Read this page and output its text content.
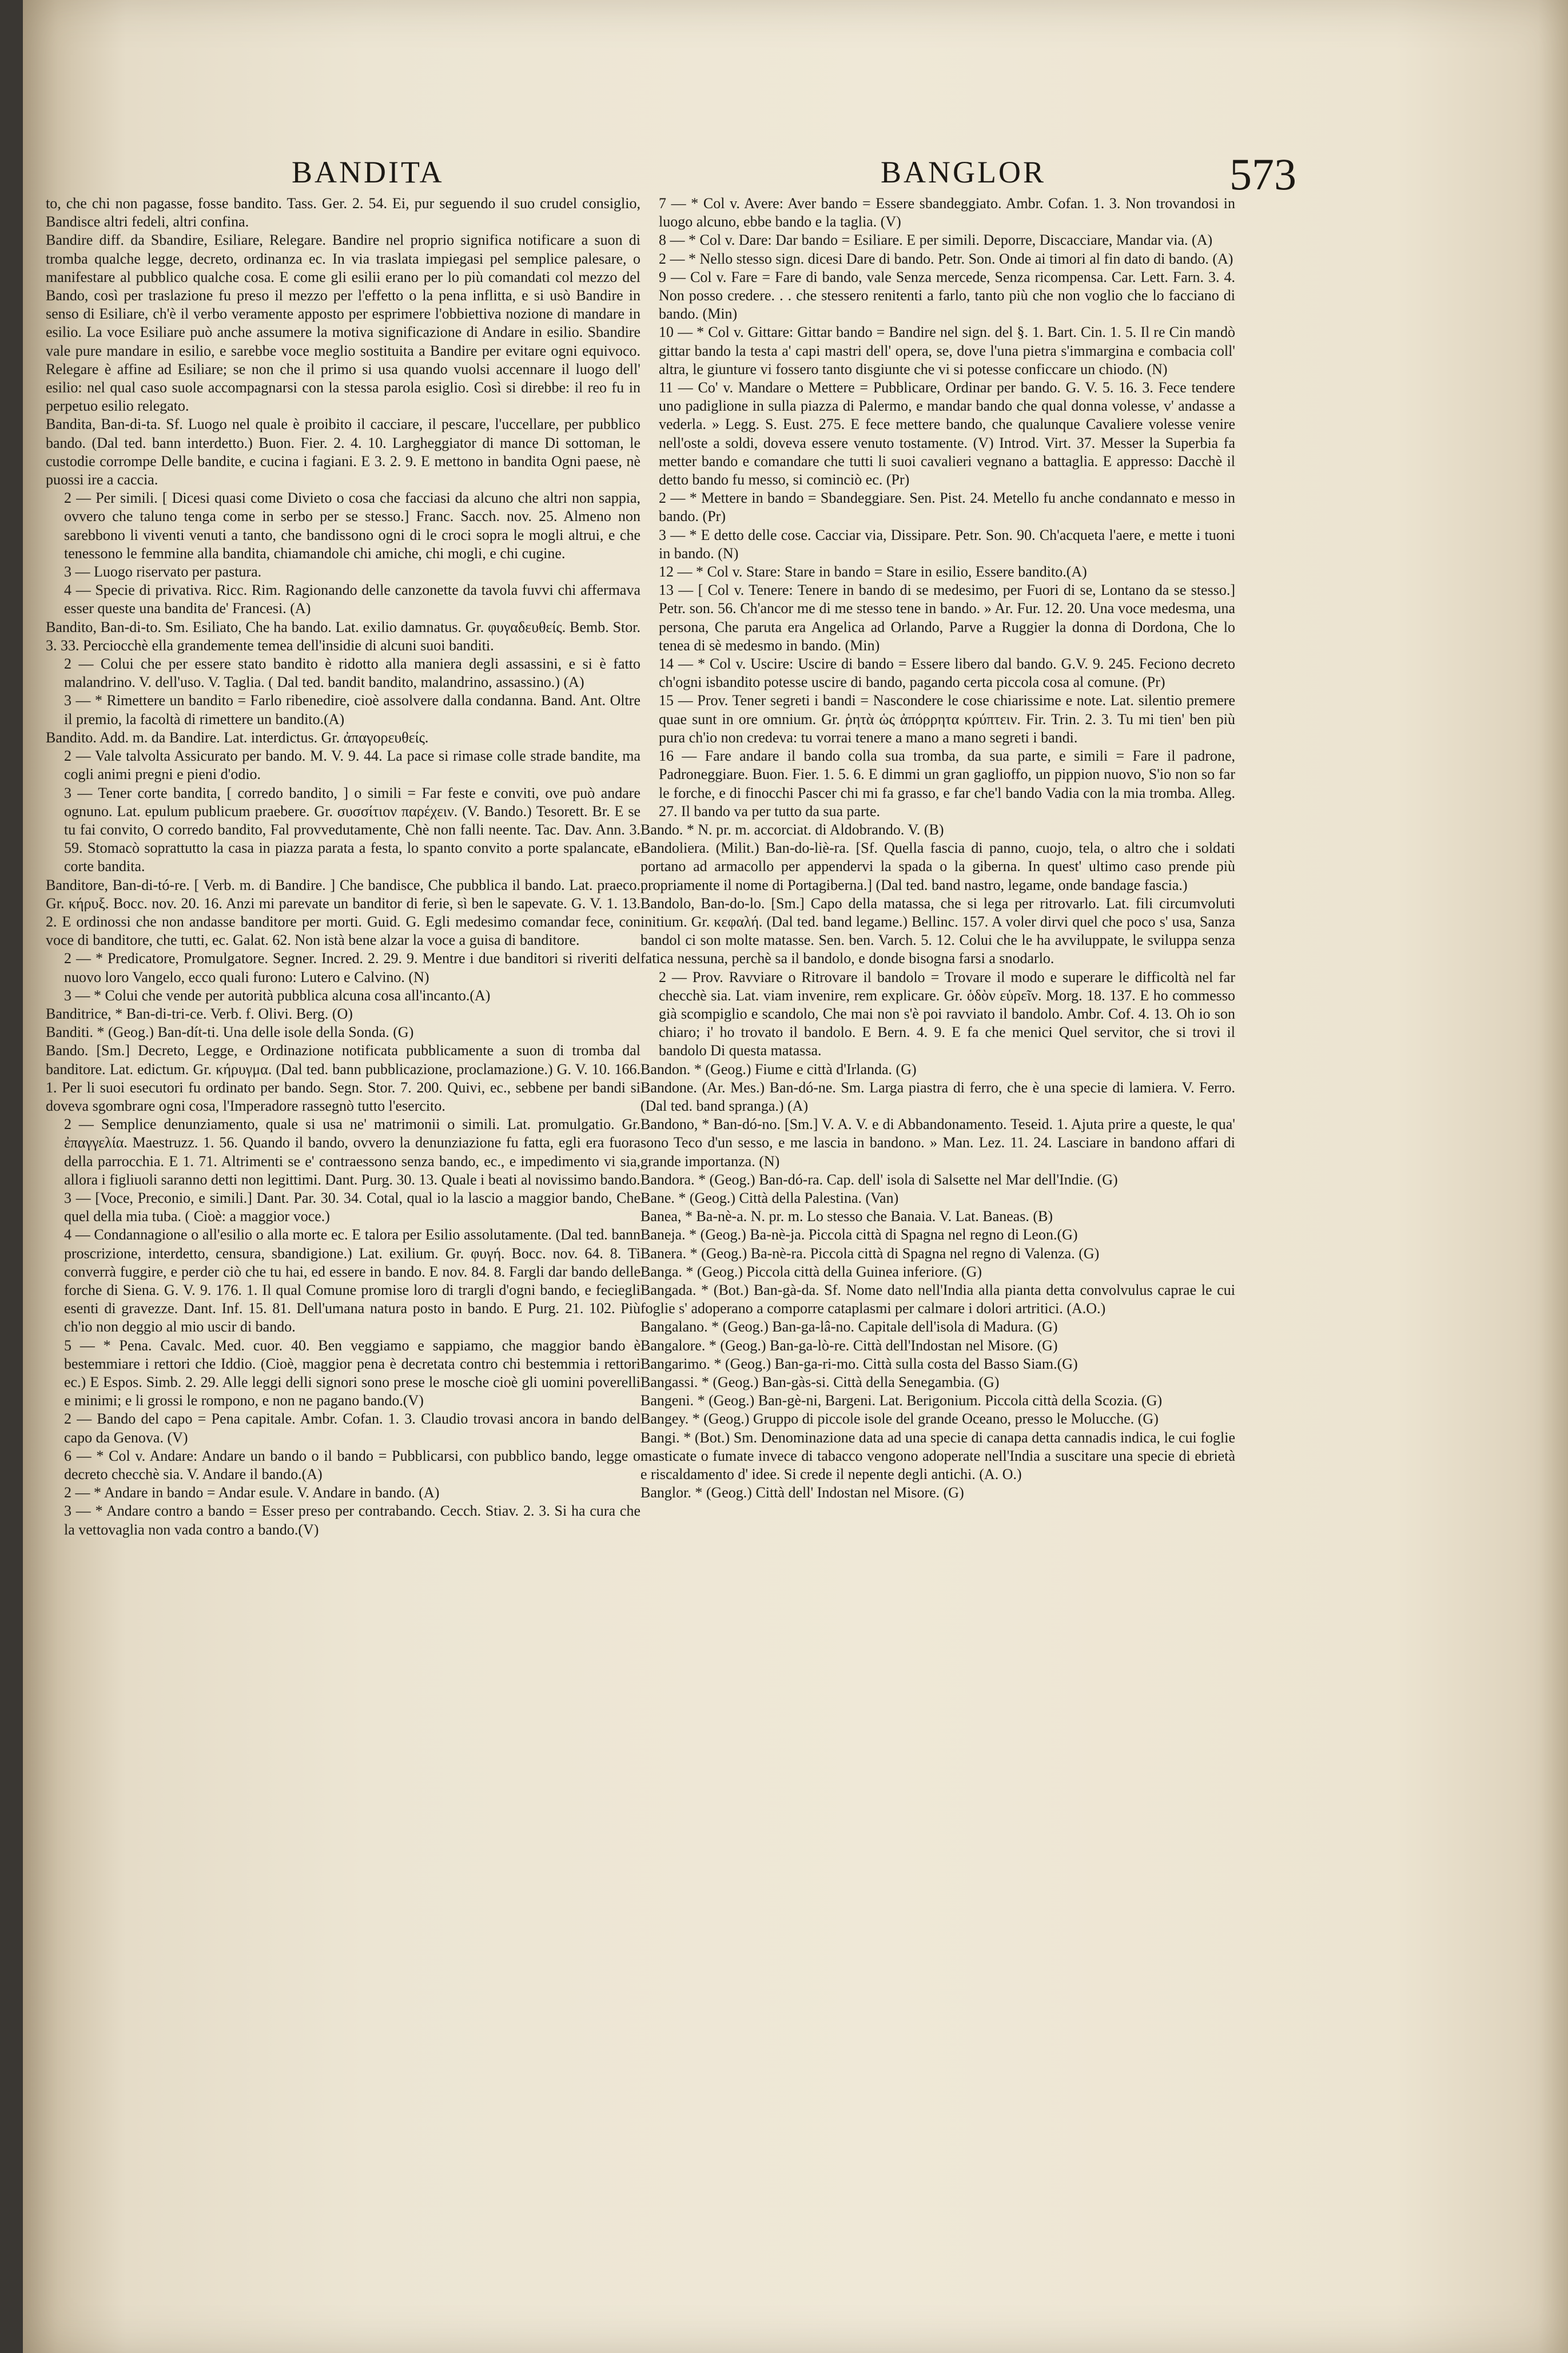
BANDITA	BANGLOR	573

to, che chi non pagasse, fosse bandito. Tass. Ger. 2. 54. Ei, pur seguendo il suo crudel consiglio, Bandisce altri fedeli, altri confina.

Bandire diff. da Sbandire, Esiliare, Relegare. Bandire nel proprio significa notificare a suon di tromba qualche legge, decreto, ordinanza ec. In via traslata impiegasi pel semplice palesare, o manifestare al pubblico qualche cosa. E come gli esilii erano per lo più comandati col mezzo del Bando, così per traslazione fu preso il mezzo per l'effetto o la pena inflitta, e si usò Bandire in senso di Esiliare, ch'è il verbo veramente apposto per esprimere l'obbiettiva nozione di mandare in esilio. La voce Esiliare può anche assumere la motiva significazione di Andare in esilio. Sbandire vale pure mandare in esilio, e sarebbe voce meglio sostituita a Bandire per evitare ogni equivoco. Relegare è affine ad Esiliare; se non che il primo si usa quando vuolsi accennare il luogo dell' esilio: nel qual caso suole accompagnarsi con la stessa parola esiglio. Così si direbbe: il reo fu in perpetuo esilio relegato.

Bandita, Ban-di-ta. Sf. Luogo nel quale è proibito il cacciare, il pescare, l'uccellare, per pubblico bando. (Dal ted. bann interdetto.) Buon. Fier. 2. 4. 10. Largheggiator di mance Di sottoman, le custodie corrompe Delle bandite, e cucina i fagiani. E 3. 2. 9. E mettono in bandita Ogni paese, nè puossi ire a caccia.

2 — Per simili. [ Dicesi quasi come Divieto o cosa che facciasi da alcuno che altri non sappia, ovvero che taluno tenga come in serbo per se stesso.] Franc. Sacch. nov. 25. Almeno non sarebbono li viventi venuti a tanto, che bandissono ogni di le croci sopra le mogli altrui, e che tenessono le femmine alla bandita, chiamandole chi amiche, chi mogli, e chi cugine.

3 — Luogo riservato per pastura.

4 — Specie di privativa. Ricc. Rim. Ragionando delle canzonette da tavola fuvvi chi affermava esser queste una bandita de' Francesi. (A)

Bandito, Ban-di-to. Sm. Esiliato, Che ha bando. Lat. exilio damnatus. Gr. φυγαδευθείς. Bemb. Stor. 3. 33. Perciocchè ella grandemente temea dell'insidie di alcuni suoi banditi.

2 — Colui che per essere stato bandito è ridotto alla maniera degli assassini, e si è fatto malandrino. V. dell'uso. V. Taglia. ( Dal ted. bandit bandito, malandrino, assassino.) (A)

3 — * Rimettere un bandito = Farlo ribenedire, cioè assolvere dalla condanna. Band. Ant. Oltre il premio, la facoltà di rimettere un bandito.(A)

Bandito. Add. m. da Bandire. Lat. interdictus. Gr. ἀπαγορευθείς.

2 — Vale talvolta Assicurato per bando. M. V. 9. 44. La pace si rimase colle strade bandite, ma cogli animi pregni e pieni d'odio.

3 — Tener corte bandita, [ corredo bandito, ] o simili = Far feste e conviti, ove può andare ognuno. Lat. epulum publicum praebere. Gr. συσσίτιον παρέχειν. (V. Bando.) Tesorett. Br. E se tu fai convito, O corredo bandito, Fal provvedutamente, Chè non falli neente. Tac. Dav. Ann. 3. 59. Stomacò soprattutto la casa in piazza parata a festa, lo spanto convito a porte spalancate, e corte bandita.

Banditore, Ban-di-tó-re. [ Verb. m. di Bandire. ] Che bandisce, Che pubblica il bando. Lat. praeco. Gr. κήρυξ. Bocc. nov. 20. 16. Anzi mi parevate un banditor di ferie, sì ben le sapevate. G. V. 1. 13. 2. E ordinossi che non andasse banditore per morti. Guid. G. Egli medesimo comandar fece, con voce di banditore, che tutti, ec. Galat. 62. Non istà bene alzar la voce a guisa di banditore.

2 — * Predicatore, Promulgatore. Segner. Incred. 2. 29. 9. Mentre i due banditori si riveriti del nuovo loro Vangelo, ecco quali furono: Lutero e Calvino. (N)

3 — * Colui che vende per autorità pubblica alcuna cosa all'incanto.(A)

Banditrice, * Ban-di-tri-ce. Verb. f. Olivi. Berg. (O)

Banditi. * (Geog.) Ban-dít-ti. Una delle isole della Sonda. (G)

Bando. [Sm.] Decreto, Legge, e Ordinazione notificata pubblicamente a suon di tromba dal banditore. Lat. edictum. Gr. κήρυγμα. (Dal ted. bann pubblicazione, proclamazione.) G. V. 10. 166. 1. Per li suoi esecutori fu ordinato per bando. Segn. Stor. 7. 200. Quivi, ec., sebbene per bandi si doveva sgombrare ogni cosa, l'Imperadore rassegnò tutto l'esercito.

2 — Semplice denunziamento, quale si usa ne' matrimonii o simili. Lat. promulgatio. Gr. ἐπαγγελία. Maestruzz. 1. 56. Quando il bando, ovvero la denunziazione fu fatta, egli era fuora della parrocchia. E 1. 71. Altrimenti se e' contraessono senza bando, ec., e impedimento vi sia, allora i figliuoli saranno detti non legittimi. Dant. Purg. 30. 13. Quale i beati al novissimo bando.

3 — [Voce, Preconio, e simili.] Dant. Par. 30. 34. Cotal, qual io la lascio a maggior bando, Che quel della mia tuba. ( Cioè: a maggior voce.)

4 — Condannagione o all'esilio o alla morte ec. E talora per Esilio assolutamente. (Dal ted. bann proscrizione, interdetto, censura, sbandigione.) Lat. exilium. Gr. φυγή. Bocc. nov. 64. 8. Ti converrà fuggire, e perder ciò che tu hai, ed essere in bando. E nov. 84. 8. Fargli dar bando delle forche di Siena. G. V. 9. 176. 1. Il qual Comune promise loro di trargli d'ogni bando, e feciegli esenti di gravezze. Dant. Inf. 15. 81. Dell'umana natura posto in bando. E Purg. 21. 102. Più ch'io non deggio al mio uscir di bando.

5 — * Pena. Cavalc. Med. cuor. 40. Ben veggiamo e sappiamo, che maggior bando è bestemmiare i rettori che Iddio. (Cioè, maggior pena è decretata contro chi bestemmia i rettori ec.) E Espos. Simb. 2. 29. Alle leggi delli signori sono prese le mosche cioè gli uomini poverelli e minimi; e li grossi le rompono, e non ne pagano bando.(V)

2 — Bando del capo = Pena capitale. Ambr. Cofan. 1. 3. Claudio trovasi ancora in bando del capo da Genova. (V)

6 — * Col v. Andare: Andare un bando o il bando = Pubblicarsi, con pubblico bando, legge o decreto checchè sia. V. Andare il bando.(A)

2 — * Andare in bando = Andar esule. V. Andare in bando. (A)

3 — * Andare contro a bando = Esser preso per contrabando. Cecch. Stiav. 2. 3. Si ha cura che la vettovaglia non vada contro a bando.(V)

7 — * Col v. Avere: Aver bando = Essere sbandeggiato. Ambr. Cofan. 1. 3. Non trovandosi in luogo alcuno, ebbe bando e la taglia. (V)

8 — * Col v. Dare: Dar bando = Esiliare. E per simili. Deporre, Discacciare, Mandar via. (A)

2 — * Nello stesso sign. dicesi Dare di bando. Petr. Son. Onde ai timori al fin dato di bando. (A)

9 — Col v. Fare = Fare di bando, vale Senza mercede, Senza ricompensa. Car. Lett. Farn. 3. 4. Non posso credere. . . che stessero renitenti a farlo, tanto più che non voglio che lo facciano di bando. (Min)

10 — * Col v. Gittare: Gittar bando = Bandire nel sign. del §. 1. Bart. Cin. 1. 5. Il re Cin mandò gittar bando la testa a' capi mastri dell' opera, se, dove l'una pietra s'immargina e combacia coll' altra, le giunture vi fossero tanto disgiunte che vi si potesse conficcare un chiodo. (N)

11 — Co' v. Mandare o Mettere = Pubblicare, Ordinar per bando. G. V. 5. 16. 3. Fece tendere uno padiglione in sulla piazza di Palermo, e mandar bando che qual donna volesse, v' andasse a vederla. » Legg. S. Eust. 275. E fece mettere bando, che qualunque Cavaliere volesse venire nell'oste a soldi, doveva essere venuto tostamente. (V) Introd. Virt. 37. Messer la Superbia fa metter bando e comandare che tutti li suoi cavalieri vegnano a battaglia. E appresso: Dacchè il detto bando fu messo, si cominciò ec. (Pr)

2 — * Mettere in bando = Sbandeggiare. Sen. Pist. 24. Metello fu anche condannato e messo in bando. (Pr)

3 — * E detto delle cose. Cacciar via, Dissipare. Petr. Son. 90. Ch'acqueta l'aere, e mette i tuoni in bando. (N)

12 — * Col v. Stare: Stare in bando = Stare in esilio, Essere bandito.(A)

13 — [ Col v. Tenere: Tenere in bando di se medesimo, per Fuori di se, Lontano da se stesso.] Petr. son. 56. Ch'ancor me di me stesso tene in bando. » Ar. Fur. 12. 20. Una voce medesma, una persona, Che paruta era Angelica ad Orlando, Parve a Ruggier la donna di Dordona, Che lo tenea di sè medesmo in bando. (Min)

14 — * Col v. Uscire: Uscire di bando = Essere libero dal bando. G.V. 9. 245. Feciono decreto ch'ogni isbandito potesse uscire di bando, pagando certa piccola cosa al comune. (Pr)

15 — Prov. Tener segreti i bandi = Nascondere le cose chiarissime e note. Lat. silentio premere quae sunt in ore omnium. Gr. ῥητὰ ὡς ἀπόρρητα κρύπτειν. Fir. Trin. 2. 3. Tu mi tien' ben più pura ch'io non credeva: tu vorrai tenere a mano a mano segreti i bandi.

16 — Fare andare il bando colla sua tromba, da sua parte, e simili = Fare il padrone, Padroneggiare. Buon. Fier. 1. 5. 6. E dimmi un gran gaglioffo, un pippion nuovo, S'io non so far le forche, e di finocchi Pascer chi mi fa grasso, e far che'l bando Vadia con la mia tromba. Alleg. 27. Il bando va per tutto da sua parte.

Bando. * N. pr. m. accorciat. di Aldobrando. V. (B)

Bandoliera. (Milit.) Ban-do-liè-ra. [Sf. Quella fascia di panno, cuojo, tela, o altro che i soldati portano ad armacollo per appendervi la spada o la giberna. In quest' ultimo caso prende più propriamente il nome di Portagiberna.] (Dal ted. band nastro, legame, onde bandage fascia.)

Bandolo, Ban-do-lo. [Sm.] Capo della matassa, che si lega per ritrovarlo. Lat. fili circumvoluti initium. Gr. κεφαλή. (Dal ted. band legame.) Bellinc. 157. A voler dirvi quel che poco s' usa, Sanza bandol ci son molte matasse. Sen. ben. Varch. 5. 12. Colui che le ha avviluppate, le sviluppa senza fatica nessuna, perchè sa il bandolo, e donde bisogna farsi a snodarlo.

2 — Prov. Ravviare o Ritrovare il bandolo = Trovare il modo e superare le difficoltà nel far checchè sia. Lat. viam invenire, rem explicare. Gr. ὁδὸν εὑρεῖν. Morg. 18. 137. E ho commesso già scompiglio e scandolo, Che mai non s'è poi ravviato il bandolo. Ambr. Cof. 4. 13. Oh io son chiaro; i' ho trovato il bandolo. E Bern. 4. 9. E fa che menici Quel servitor, che si trovi il bandolo Di questa matassa.

Bandon. * (Geog.) Fiume e città d'Irlanda. (G)

Bandone. (Ar. Mes.) Ban-dó-ne. Sm. Larga piastra di ferro, che è una specie di lamiera. V. Ferro. (Dal ted. band spranga.) (A)

Bandono, * Ban-dó-no. [Sm.] V. A. V. e di Abbandonamento. Teseid. 1. Ajuta prire a queste, le qua' sono Teco d'un sesso, e me lascia in bandono. » Man. Lez. 11. 24. Lasciare in bandono affari di grande importanza. (N)

Bandora. * (Geog.) Ban-dó-ra. Cap. dell' isola di Salsette nel Mar dell'Indie. (G)

Bane. * (Geog.) Città della Palestina. (Van)

Banea, * Ba-nè-a. N. pr. m. Lo stesso che Banaia. V. Lat. Baneas. (B)

Baneja. * (Geog.) Ba-nè-ja. Piccola città di Spagna nel regno di Leon.(G)

Banera. * (Geog.) Ba-nè-ra. Piccola città di Spagna nel regno di Valenza. (G)

Banga. * (Geog.) Piccola città della Guinea inferiore. (G)

Bangada. * (Bot.) Ban-gà-da. Sf. Nome dato nell'India alla pianta detta convolvulus caprae le cui foglie s' adoperano a comporre cataplasmi per calmare i dolori artritici. (A.O.)

Bangalano. * (Geog.) Ban-ga-lâ-no. Capitale dell'isola di Madura. (G)

Bangalore. * (Geog.) Ban-ga-lò-re. Città dell'Indostan nel Misore. (G)

Bangarimo. * (Geog.) Ban-ga-ri-mo. Città sulla costa del Basso Siam.(G)

Bangassi. * (Geog.) Ban-gàs-si. Città della Senegambia. (G)

Bangeni. * (Geog.) Ban-gè-ni, Bargeni. Lat. Berigonium. Piccola città della Scozia. (G)

Bangey. * (Geog.) Gruppo di piccole isole del grande Oceano, presso le Molucche. (G)

Bangi. * (Bot.) Sm. Denominazione data ad una specie di canapa detta cannadis indica, le cui foglie masticate o fumate invece di tabacco vengono adoperate nell'India a suscitare una specie di ebrietà e riscaldamento d' idee. Si crede il nepente degli antichi. (A. O.)

Banglor. * (Geog.) Città dell' Indostan nel Misore. (G)
